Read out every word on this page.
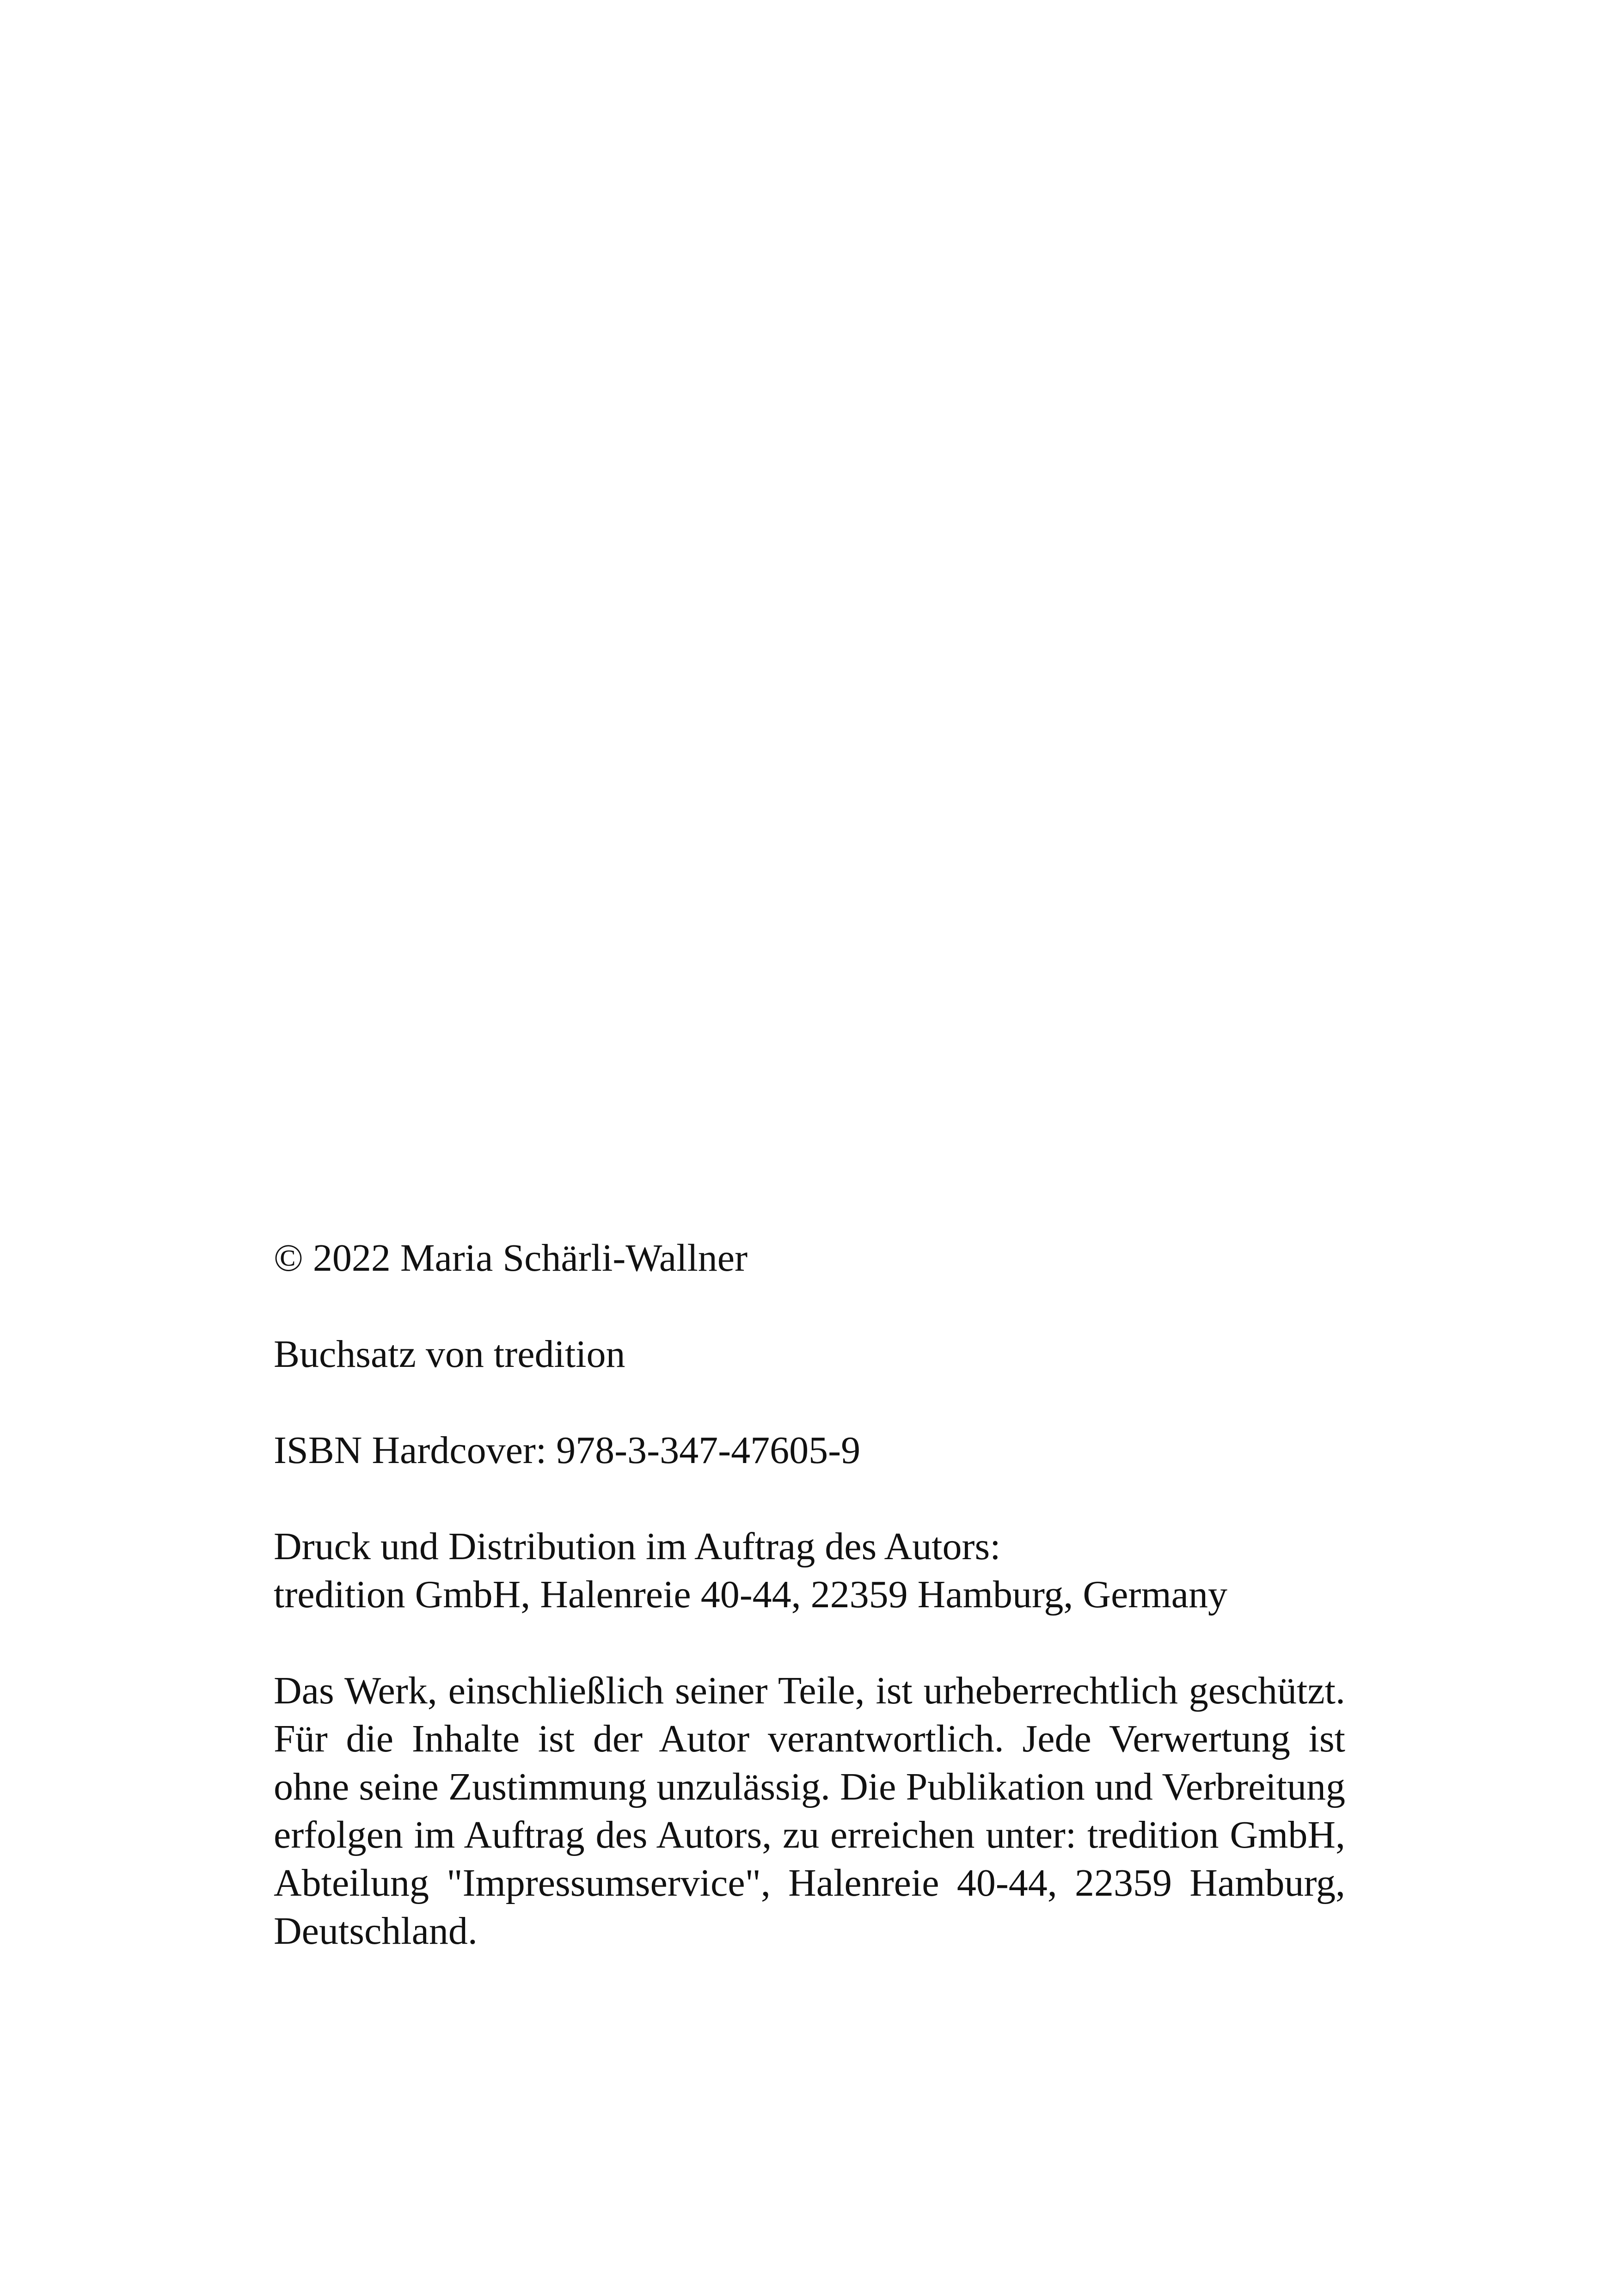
© 2022 Maria Schärli-Wallner

Buchsatz von tredition

ISBN Hardcover: 978-3-347-47605-9

Druck und Distribution im Auftrag des Autors:
tredition GmbH, Halenreie 40-44, 22359 Hamburg, Germany

Das Werk, einschließlich seiner Teile, ist urheberrechtlich geschützt. Für die Inhalte ist der Autor verantwortlich. Jede Verwertung ist ohne seine Zustimmung unzulässig. Die Publikation und Verbreitung erfolgen im Auftrag des Autors, zu erreichen unter: tredition GmbH, Abteilung "Impressumservice", Halenreie 40-44, 22359 Hamburg, Deutschland.
